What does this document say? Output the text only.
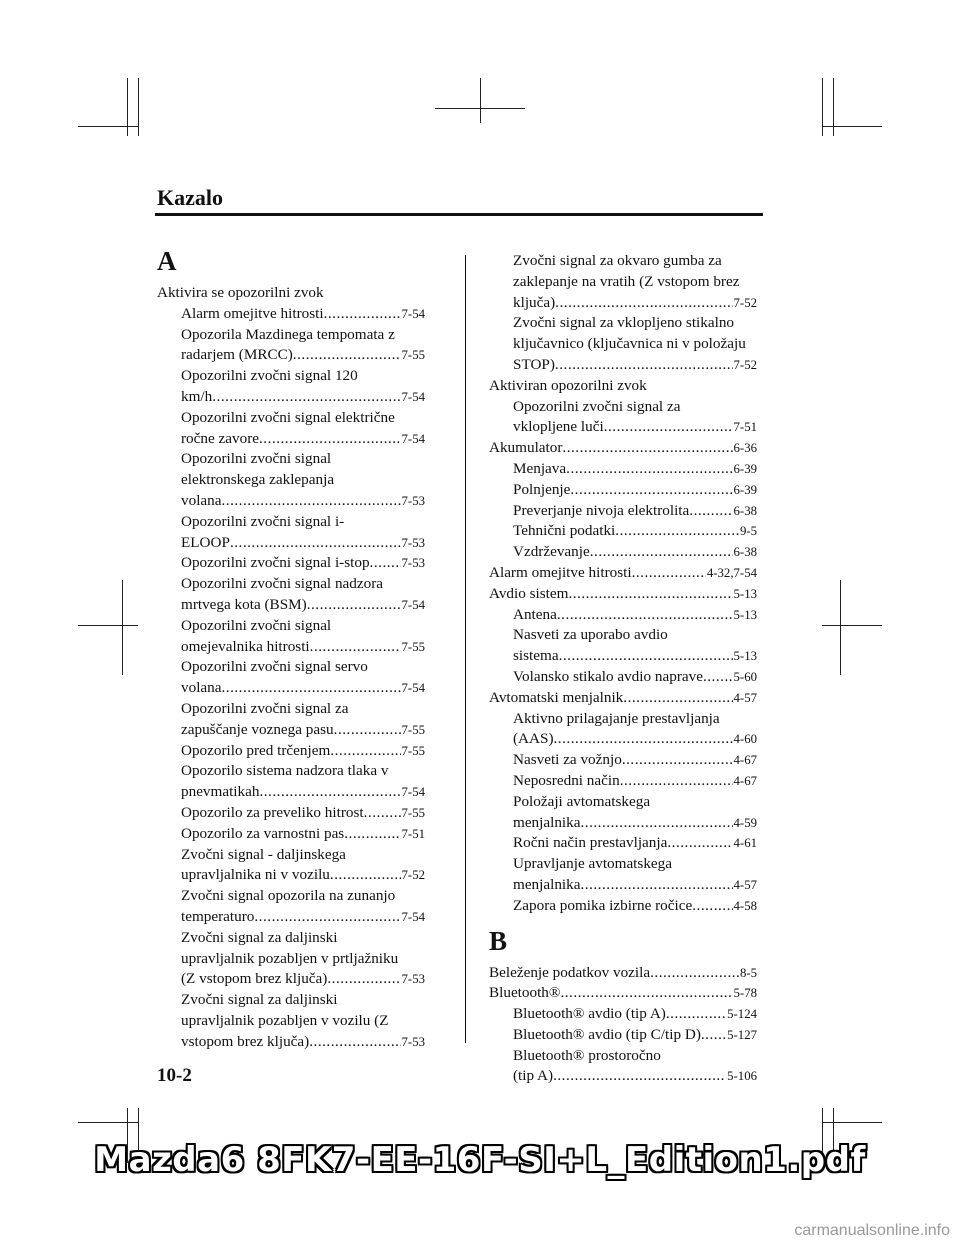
Kazalo
A
Aktivira se opozorilni zvok
Alarm omejitve hitrosti .....	7-54
Opozorila Mazdinega tempomata z
radarjem (MRCC) .....	7-55
Opozorilni zvočni signal 120
km/h .....	7-54
Opozorilni zvočni signal električne
ročne zavore .....	7-54
Opozorilni zvočni signal
elektronskega zaklepanja
volana .....	7-53
Opozorilni zvočni signal i-
ELOOP .....	7-53
Opozorilni zvočni signal i-stop ..... 7-53
Opozorilni zvočni signal nadzora
mrtvega kota (BSM) .....	7-54
Opozorilni zvočni signal
omejevalnika hitrosti .....	7-55
Opozorilni zvočni signal servo
volana .....	7-54
Opozorilni zvočni signal za
zapuščanje voznega pasu .....	7-55
Opozorilo pred trčenjem .....	7-55
Opozorilo sistema nadzora tlaka v
pnevmatikah .....	7-54
Opozorilo za preveliko hitrost .....	7-55
Opozorilo za varnostni pas .....	7-51
Zvočni signal - daljinskega
upravljalnika ni v vozilu .....	7-52
Zvočni signal opozorila na zunanjo
temperaturo .....	7-54
Zvočni signal za daljinski
upravljalnik pozabljen v prtljažniku
(Z vstopom brez ključa) .....	7-53
Zvočni signal za daljinski
upravljalnik pozabljen v vozilu (Z
vstopom brez ključa) .....	7-53
Zvočni signal za okvaro gumba za
zaklepanje na vratih (Z vstopom brez
ključa) .....	7-52
Zvočni signal za vklopljeno stikalno
ključavnico (ključavnica ni v položaju
STOP) .....	7-52
Aktiviran opozorilni zvok
Opozorilni zvočni signal za
vklopljene luči .....	7-51
Akumulator .....	6-36
Menjava .....	6-39
Polnjenje .....	6-39
Preverjanje nivoja elektrolita .....	6-38
Tehnični podatki .....	9-5
Vzdrževanje .....	6-38
Alarm omejitve hitrosti .....	4-32,7-54
Avdio sistem .....	5-13
Antena .....	5-13
Nasveti za uporabo avdio
sistema .....	5-13
Volansko stikalo avdio naprave ..... 5-60
Avtomatski menjalnik .....	4-57
Aktivno prilagajanje prestavljanja
(AAS) .....	4-60
Nasveti za vožnjo .....	4-67
Neposredni način .....	4-67
Položaji avtomatskega
menjalnika .....	4-59
Ročni način prestavljanja .....	4-61
Upravljanje avtomatskega
menjalnika .....	4-57
Zapora pomika izbirne ročice .....	4-58
B
Beleženje podatkov vozila .....	8-5
Bluetooth® .....	5-78
Bluetooth® avdio (tip A) .....	5-124
Bluetooth® avdio (tip C/tip D) ..... 5-127
Bluetooth® prostoročno
(tip A) .....	5-106
10-2
Mazda6 8FK7-EE-16F-SI+L_Edition1.pdf
carmanualsonline.info
